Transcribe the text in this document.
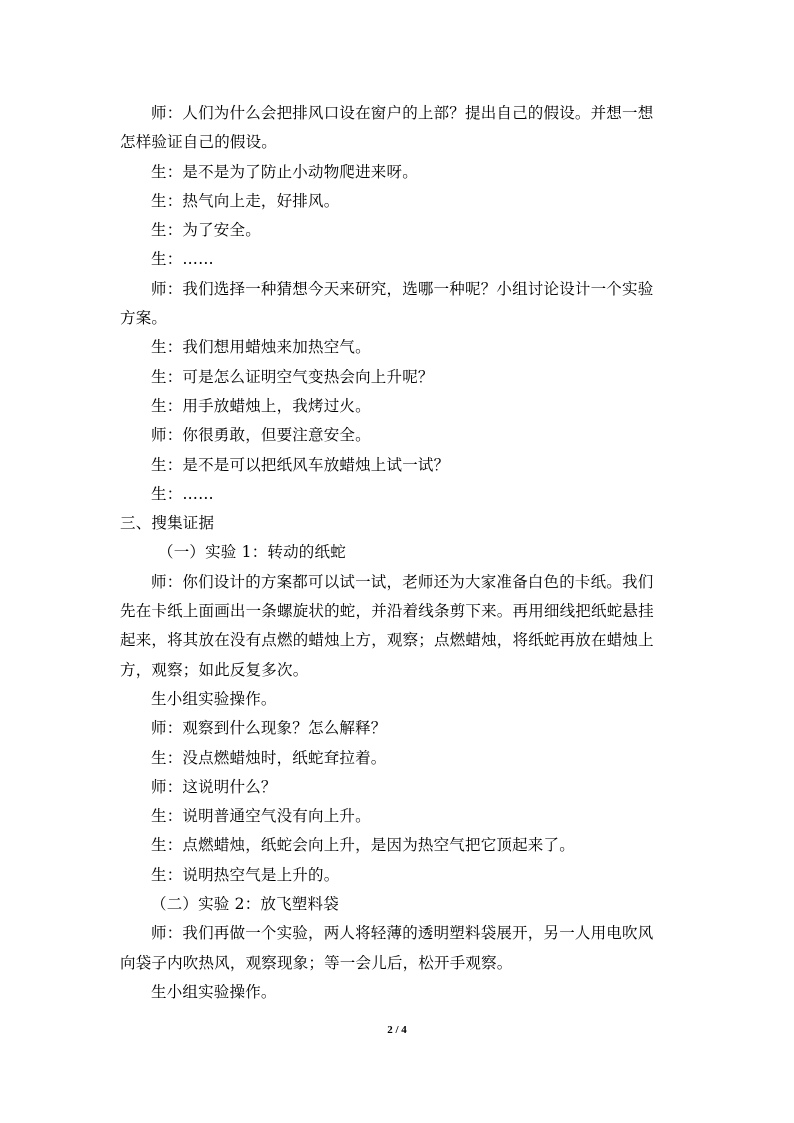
师：人们为什么会把排风口设在窗户的上部？提出自己的假设。并想一想
怎样验证自己的假设。
生：是不是为了防止小动物爬进来呀。
生：热气向上走，好排风。
生：为了安全。
生：……
师：我们选择一种猜想今天来研究，选哪一种呢？小组讨论设计一个实验
方案。
生：我们想用蜡烛来加热空气。
生：可是怎么证明空气变热会向上升呢？
生：用手放蜡烛上，我烤过火。
师：你很勇敢，但要注意安全。
生：是不是可以把纸风车放蜡烛上试一试？
生：……
三、搜集证据
（一）实验 1：转动的纸蛇
师：你们设计的方案都可以试一试，老师还为大家准备白色的卡纸。我们
先在卡纸上面画出一条螺旋状的蛇，并沿着线条剪下来。再用细线把纸蛇悬挂
起来，将其放在没有点燃的蜡烛上方，观察；点燃蜡烛，将纸蛇再放在蜡烛上
方，观察；如此反复多次。
生小组实验操作。
师：观察到什么现象？怎么解释？
生：没点燃蜡烛时，纸蛇耷拉着。
师：这说明什么？
生：说明普通空气没有向上升。
生：点燃蜡烛，纸蛇会向上升，是因为热空气把它顶起来了。
生：说明热空气是上升的。
（二）实验 2：放飞塑料袋
师：我们再做一个实验，两人将轻薄的透明塑料袋展开，另一人用电吹风
向袋子内吹热风，观察现象；等一会儿后，松开手观察。
生小组实验操作。
2 / 4
